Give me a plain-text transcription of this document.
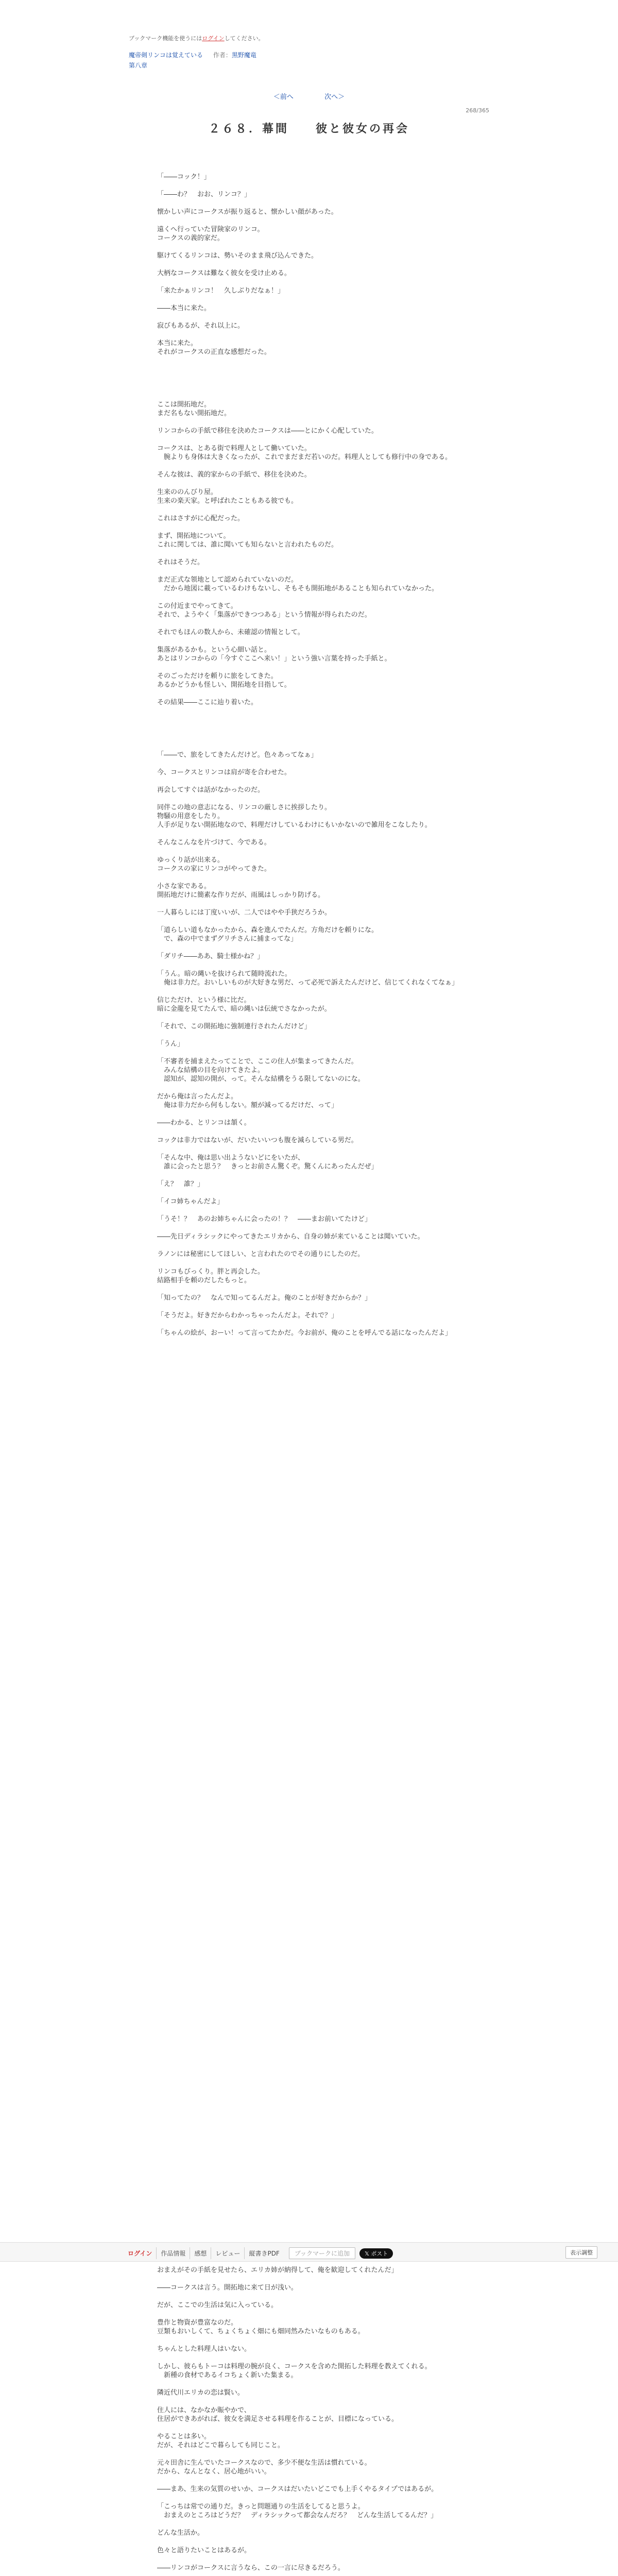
ブックマーク機能を使うにはログインしてください。
魔帝剣リンコは覚えている 作者：黒野魔竜
第八章
＜前へ	次へ＞
268/365
２６８．幕間　　彼と彼女の再会

「――コック！」

「――わ？　おお、リンコ？」

懐かしい声にコークスが振り返ると、懐かしい顔があった。

遠くへ行っていた冒険家のリンコ。

コークスの義的家だ。

駆けてくるリンコは、勢いそのまま飛び込んできた。

大柄なコークスは難なく彼女を受け止める。

「来たかぁリンコ！　久しぶりだなぁ！」

――本当に来た。

寂びもあるが、それ以上に。

本当に来た。

それがコークスの正直な感想だった。

ここは開拓地だ。

まだ名もない開拓地だ。

リンコからの手紙で移住を決めたコークスは――とにかく心配していた。

コークスは、とある街で料理人として働いていた。

　腕よりも身体は大きくなったが、これでまだまだ若いのだ。料理人としても修行中の身である。

そんな彼は、義的家からの手紙で、移住を決めた。

生来ののんびり屋。

生来の楽天家。と呼ばれたこともある彼でも。

これはさすがに心配だった。

まず、開拓地について。

これに関しては、誰に聞いても知らないと言われたものだ。

それはそうだ。

まだ正式な領地として認められていないのだ。

　だから地図に載っているわけもないし、そもそも開拓地があることも知られていなかった。

この付近までやってきて。

それで、ようやく「集落ができつつある」という情報が得られたのだ。

それでもほんの数人から、未確認の情報として。

集落があるかも。という心細い話と。

あとはリンコからの「今すぐここへ来い！」という強い言葉を持った手紙と。

そのごっただけを頼りに旅をしてきた。

あるかどうかも怪しい、開拓地を目指して。

その結果――ここに辿り着いた。

「――で、旅をしてきたんだけど。色々あってなぁ」

今、コークスとリンコは肩が寄を合わせた。

再会してすぐは話がなかったのだ。

同伴この地の意志になる、リンコの厳しさに挨拶したり。

物騒の用意をしたり。

人手が足りない開拓地なので、料理だけしているわけにもいかないので雑用をこなしたり。

そんなこんなを片づけて、今である。

ゆっくり話が出来る。

コークスの家にリンコがやってきた。

小さな家である。

開拓地だけに簡素な作りだが、雨風はしっかり防げる。

一人暮らしには丁度いいが、二人ではやや手狭だろうか。

「道らしい道もなかったから、森を進んでたんだ。方角だけを頼りにな。

　で、森の中でまずグリチさんに捕まってな」

「ダリチ――ああ、騎士様かね？」

「うん。暗の縄いを抜けられて随時流れた。

　俺は非力だ。おいしいものが大好きな男だ、って必死で訴えたんだけど、信じてくれなくてなぁ」

信じただけ、という様に比だ。

暗に金龍を見てたんで、暗の縄いは伝統でさなかったが。

「それで、この開拓地に強制連行されたんだけど」

「うん」

「不審者を捕まえたってことで、ここの住人が集まってきたんだ。

　みんな結構の目を向けてきたよ。

　認知が、認知の開が、って。そんな結構をうる限してないのにな。

だから俺は言ったんだよ。

　俺は非力だから何もしない。額が減ってるだけだ、って」

――わかる、とリンコは頷く。

コックは非力ではないが、だいたいいつも腹を減らしている男だ。

「そんな中、俺は思い出ようないどにをいたが、

　誰に会ったと思う？　きっとお前さん驚くぞ。驚くんにあったんだぜ」

「え？　誰？」

「イコ姉ちゃんだよ」

「うそ！？　あのお姉ちゃんに会ったの！？　――まお前いてたけど」

――先日ディラシックにやってきたエリカから、自身の姉が来ていることは聞いていた。

ラノンには秘密にしてほしい、と言われたのでその通りにしたのだ。

リンコもびっくり。胖と再会した。

結路相手を頼のだしたもっと。

「知ってたの？　なんで知ってるんだよ。俺のことが好きだからか？」

「そうだよ。好きだからわかっちゃったんだよ。それで？」

「ちゃんの絵が、おーい！って言ってたかだ。今お前が、俺のことを呼んでる話になったんだよ」

ログイン	作品情報	感想	レビュー	縦書きPDF	ブックマークに追加	𝕏 ポスト	表示調整

おまえがその手紙を見せたら、エリカ姉が納得して、俺を歓迎してくれたんだ」

――コークスは言う。開拓地に来て日が浅い。

だが、ここでの生活は気に入っている。

豊作と物資が豊富なのだ。

豆類もおいしくて、ちょくちょく畑にも畑同然みたいなものもある。

ちゃんとした料理人はいない。

しかし、彼らもトーコは料理の腕が良く、コークスを含めた開拓した料理を教えてくれる。

　新種の食材であるイコちょく新いた集まる。

隣近代川エリカの恋は賢い。

住人には、なかなか賑やかで、

住居ができあがれば、彼女を満足させる料理を作ることが、目標になっている。

やることは多い。

だが、それはどこで暮らしても同じこと。

元々田舎に生んでいたコークスなので、多少不便な生活は慣れている。

だから、なんとなく、居心地がいい。

――まあ、生来の気質のせいか、コークスはだいたいどこでも上手くやるタイプではあるが。

「こっちは常での通りだ。きっと問題通りの生活をしてると思うよ。

　おまえのところはどうだ？　ディラシックって都会なんだろ？　どんな生活してるんだ？」

どんな生活か。

色々と語りたいことはあるが。

――リンコがコークスに言うなら、この一言に尽きるだろう。
